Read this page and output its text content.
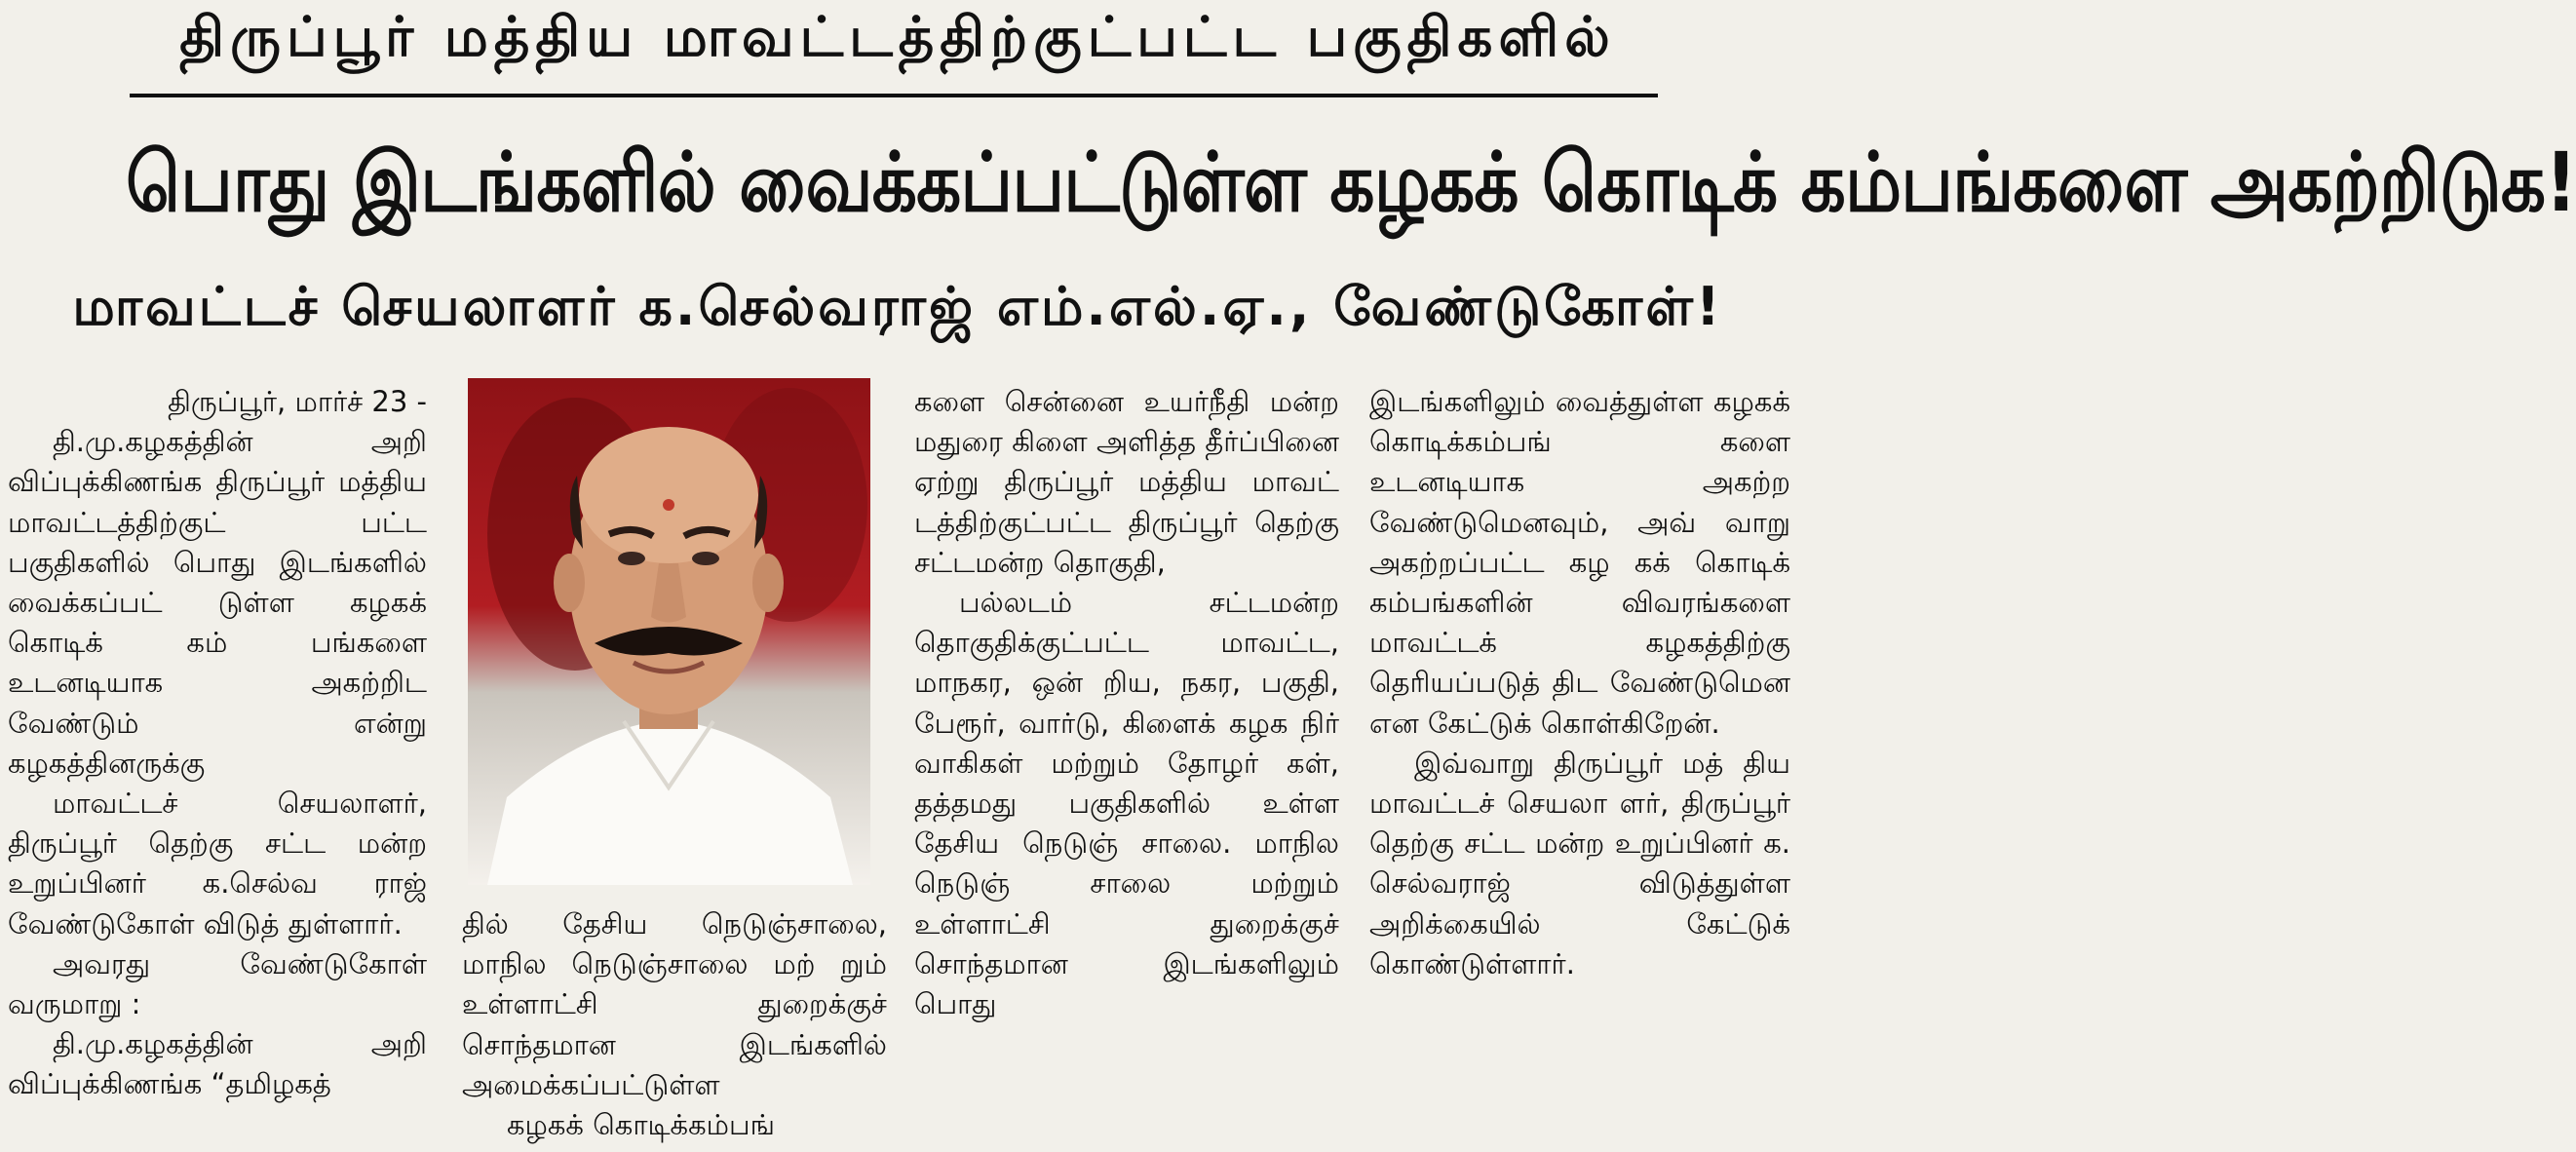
திருப்பூர் மத்திய மாவட்டத்திற்குட்பட்ட பகுதிகளில்
பொது இடங்களில் வைக்கப்பட்டுள்ள கழகக் கொடிக் கம்பங்களை அகற்றிடுக!
மாவட்டச் செயலாளர் க.செல்வராஜ் எம்.எல்.ஏ., வேண்டுகோள்!

திருப்பூர், மார்ச் 23 -

தி.மு.கழகத்தின் அறி விப்புக்கிணங்க திருப்பூர் மத்திய மாவட்டத்திற்குட் பட்ட பகுதிகளில் பொது இடங்களில் வைக்கப்பட் டுள்ள கழகக் கொடிக் கம் பங்களை உடனடியாக அகற்றிட வேண்டும் என்று கழகத்தினருக்கு

மாவட்டச் செயலாளர், திருப்பூர் தெற்கு சட்ட மன்ற உறுப்பினர் க.செல்வ ராஜ் வேண்டுகோள் விடுத் துள்ளார்.

அவரது வேண்டுகோள் வருமாறு :

தி.மு.கழகத்தின் அறி விப்புக்கிணங்க “தமிழகத்

தில் தேசிய நெடுஞ்சாலை, மாநில நெடுஞ்சாலை மற் றும் உள்ளாட்சி துறைக்குச் சொந்தமான இடங்களில் அமைக்கப்பட்டுள்ள

கழகக் கொடிக்கம்பங்

களை சென்னை உயர்நீதி மன்ற மதுரை கிளை அளித்த தீர்ப்பினை ஏற்று திருப்பூர் மத்திய மாவட் டத்திற்குட்பட்ட திருப்பூர் தெற்கு சட்டமன்ற தொகுதி,

பல்லடம் சட்டமன்ற தொகுதிக்குட்பட்ட மாவட்ட, மாநகர, ஒன் றிய, நகர, பகுதி, பேரூர், வார்டு, கிளைக் கழக நிர் வாகிகள் மற்றும் தோழர் கள், தத்தமது பகுதிகளில் உள்ள தேசிய நெடுஞ் சாலை. மாநில நெடுஞ் சாலை மற்றும் உள்ளாட்சி துறைக்குச் சொந்தமான இடங்களிலும் பொது

இடங்களிலும் வைத்துள்ள கழகக் கொடிக்கம்பங் களை உடனடியாக அகற்ற வேண்டுமெனவும், அவ் வாறு அகற்றப்பட்ட கழ கக் கொடிக் கம்பங்களின் விவரங்களை மாவட்டக் கழகத்திற்கு தெரியப்படுத் திட வேண்டுமென என கேட்டுக் கொள்கிறேன்.

இவ்வாறு திருப்பூர் மத் திய மாவட்டச் செயலா ளர், திருப்பூர் தெற்கு சட்ட மன்ற உறுப்பினர் க. செல்வராஜ் விடுத்துள்ள அறிக்கையில் கேட்டுக் கொண்டுள்ளார்.
